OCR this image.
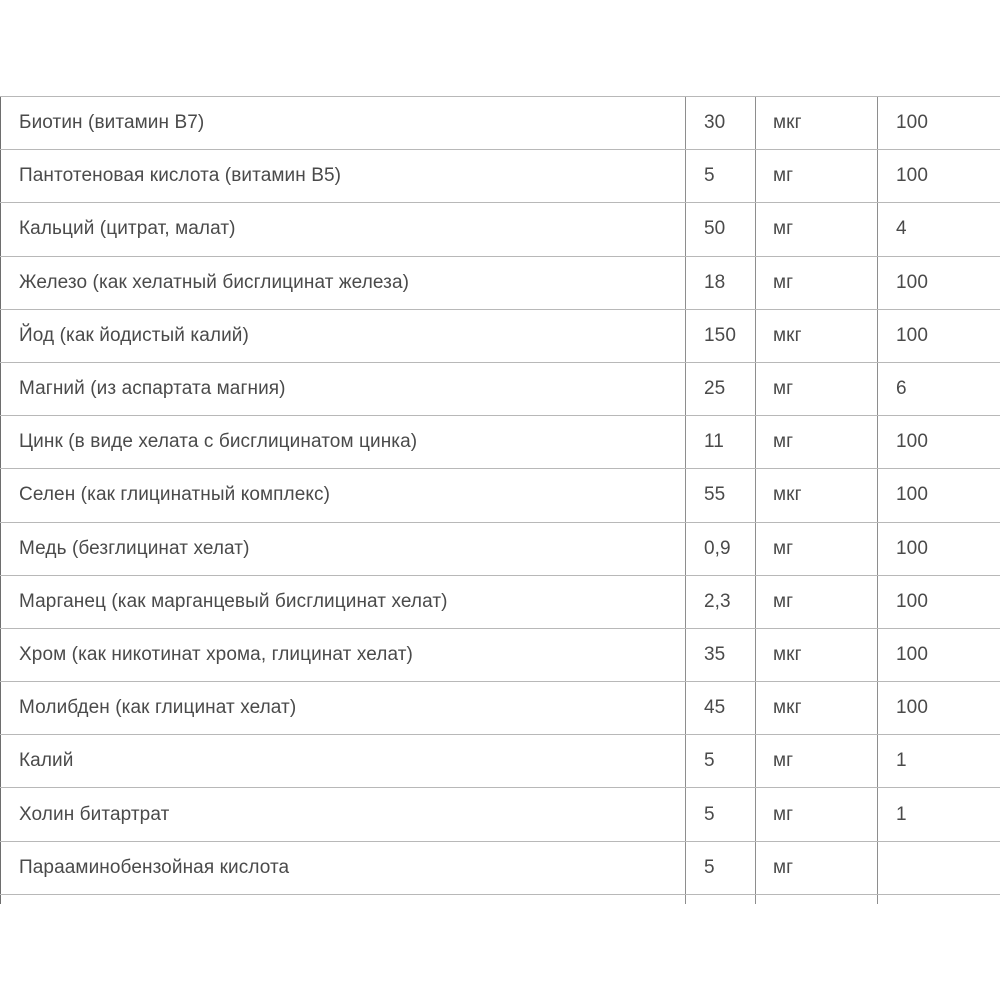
Биотин (витамин B7)	30	мкг	100
Пантотеновая кислота (витамин B5)	5	мг	100
Кальций (цитрат, малат)	50	мг	4
Железо (как хелатный бисглицинат железа)	18	мг	100
Йод (как йодистый калий)	150	мкг	100
Магний (из аспартата магния)	25	мг	6
Цинк (в виде хелата с бисглицинатом цинка)	11	мг	100
Селен (как глицинатный комплекс)	55	мкг	100
Медь (безглицинат хелат)	0,9	мг	100
Марганец (как марганцевый бисглицинат хелат)	2,3	мг	100
Хром (как никотинат хрома, глицинат хелат)	35	мкг	100
Молибден (как глицинат хелат)	45	мкг	100
Калий	5	мг	1
Холин битартрат	5	мг	1
Парааминобензойная кислота	5	мг	
